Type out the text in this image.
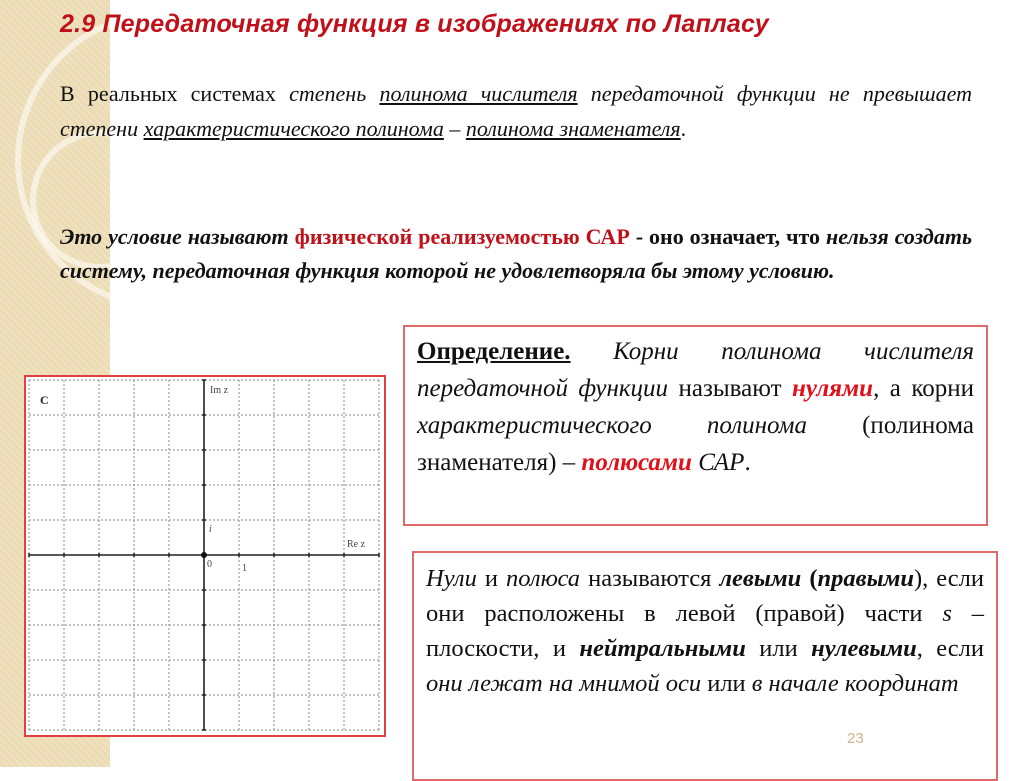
2.9 Передаточная функция в изображениях по Лапласу

В реальных системах степень полинома числителя передаточной функции не превышает степени характеристического полинома – полинома знаменателя.

Это условие называют физической реализуемостью САР - оно означает, что нельзя создать систему, передаточная функция которой не удовлетворяла бы этому условию.

C
Im z
Re z
i
0	1
Определение. Корни полинома числителя передаточной функции называют нулями, а корни характеристического полинома (полинома знаменателя) – полюсами САР.
Нули и полюса называются левыми (правыми), если они расположены в левой (правой) части s – плоскости, и нейтральными или нулевыми, если они лежат на мнимой оси или в начале координат
23
